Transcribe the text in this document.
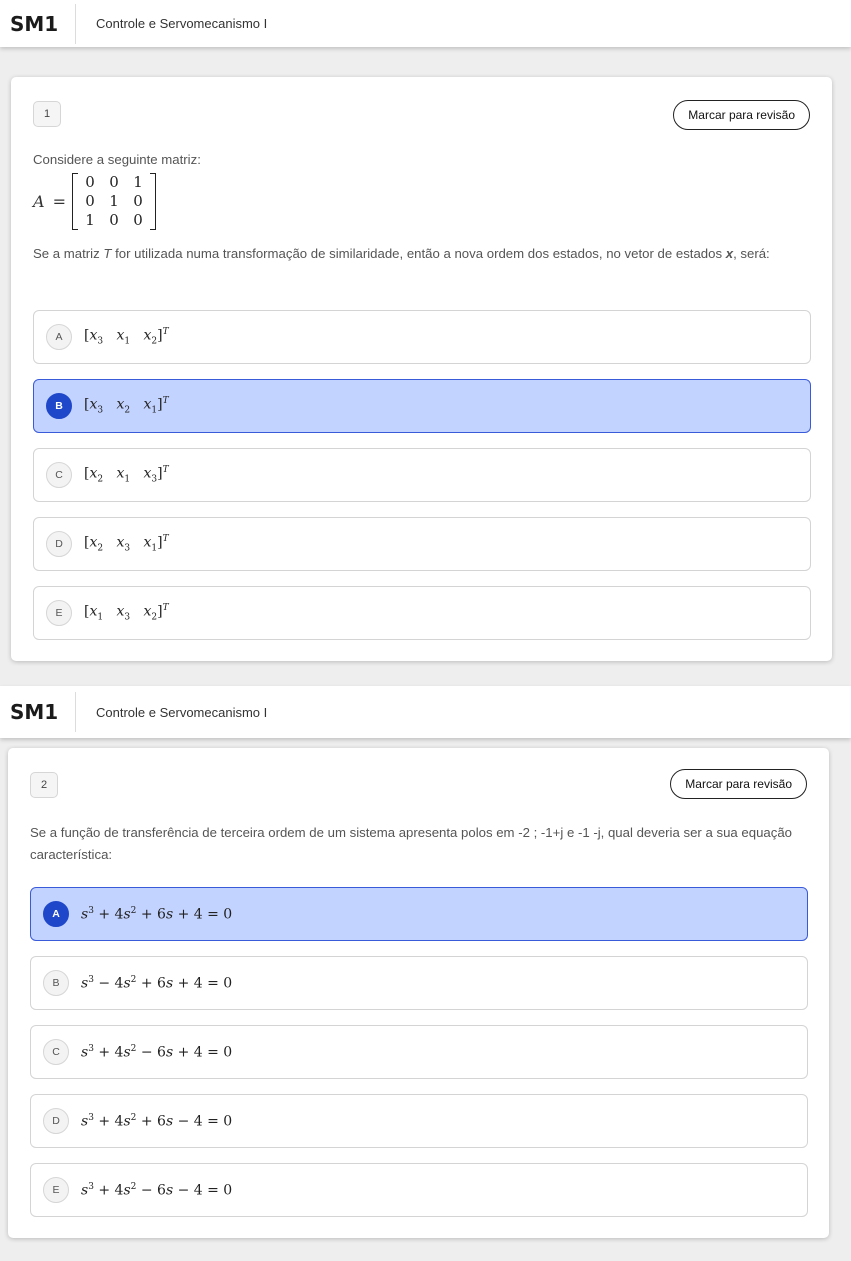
SM1	Controle e Servomecanismo I
1	Marcar para revisão
Considere a seguinte matriz:
A =
0	0	1
0	1	0
1	0	0
Se a matriz T for utilizada numa transformação de similaridade, então a nova ordem dos estados, no vetor de estados x, será:
A	[$x_3$ $x_1$ $x_2]^T$
B	[$x_3$ $x_2$ $x_1]^T$
C	[$x_2$ $x_1$ $x_3]^T$
D	[$x_2$ $x_3$ $x_1]^T$
E	[$x_1$ $x_3$ $x_2]^T$
SM1	Controle e Servomecanismo I
2	Marcar para revisão
Se a função de transferência de terceira ordem de um sistema apresenta polos em -2 ; -1+j e -1 -j, qual deveria ser a sua equação característica:
A	$s^3 + 4s^2 + 6s + 4 = 0$
B	$s^3 - 4s^2 + 6s + 4 = 0$
C	$s^3 + 4s^2 - 6s + 4 = 0$
D	$s^3 + 4s^2 + 6s - 4 = 0$
E	$s^3 + 4s^2 - 6s - 4 = 0$
